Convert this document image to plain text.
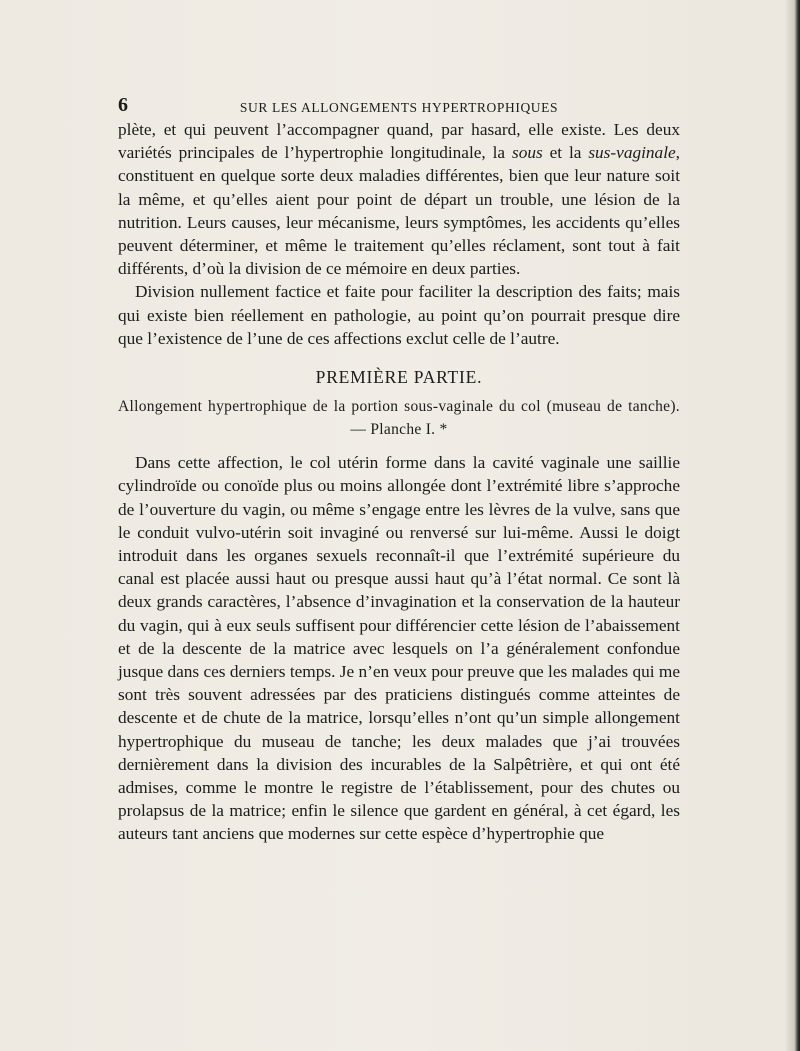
6	SUR LES ALLONGEMENTS HYPERTROPHIQUES

plète, et qui peuvent l’accompagner quand, par hasard, elle existe. Les deux variétés principales de l’hypertrophie longitudinale, la sous et la sus-vaginale, constituent en quelque sorte deux maladies différentes, bien que leur nature soit la même, et qu’elles aient pour point de départ un trouble, une lésion de la nutrition. Leurs causes, leur mécanisme, leurs symptômes, les accidents qu’elles peuvent déterminer, et même le traitement qu’elles réclament, sont tout à fait différents, d’où la division de ce mémoire en deux parties.

Division nullement factice et faite pour faciliter la description des faits; mais qui existe bien réellement en pathologie, au point qu’on pourrait presque dire que l’existence de l’une de ces affections exclut celle de l’autre.

PREMIÈRE PARTIE.

Allongement hypertrophique de la portion sous-vaginale du col (museau de tanche). — Planche I. *

Dans cette affection, le col utérin forme dans la cavité vaginale une saillie cylindroïde ou conoïde plus ou moins allongée dont l’extrémité libre s’approche de l’ouverture du vagin, ou même s’engage entre les lèvres de la vulve, sans que le conduit vulvo-utérin soit invaginé ou renversé sur lui-même. Aussi le doigt introduit dans les organes sexuels reconnaît-il que l’extrémité supérieure du canal est placée aussi haut ou presque aussi haut qu’à l’état normal. Ce sont là deux grands caractères, l’absence d’invagination et la conservation de la hauteur du vagin, qui à eux seuls suffisent pour différencier cette lésion de l’abaissement et de la descente de la matrice avec lesquels on l’a généralement confondue jusque dans ces derniers temps. Je n’en veux pour preuve que les malades qui me sont très souvent adressées par des praticiens distingués comme atteintes de descente et de chute de la matrice, lorsqu’elles n’ont qu’un simple allongement hypertrophique du museau de tanche; les deux malades que j’ai trouvées dernièrement dans la division des incurables de la Salpêtrière, et qui ont été admises, comme le montre le registre de l’établissement, pour des chutes ou prolapsus de la matrice; enfin le silence que gardent en général, à cet égard, les auteurs tant anciens que modernes sur cette espèce d’hypertrophie que
